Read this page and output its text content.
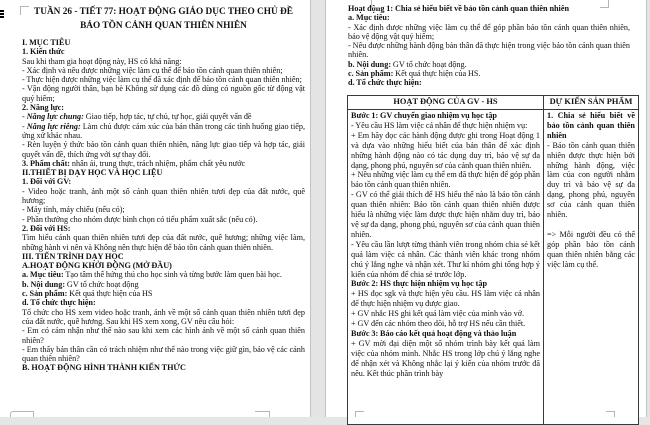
TUẦN 26 - TIẾT 77: HOẠT ĐỘNG GIÁO DỤC THEO CHỦ ĐỀ

BẢO TỒN CẢNH QUAN THIÊN NHIÊN

I. MỤC TIÊU

1. Kiến thức

Sau khi tham gia hoạt động này, HS có khả năng:

- Xác định và nêu được những việc làm cụ thể để bảo tồn cảnh quan thiên nhiên;

- Thực hiện được những việc làm cụ thể đã xác định để bảo tồn cảnh quan thiên nhiên;

- Vận động người thân, bạn bè Không sử dụng các đồ dùng có nguồn gốc từ động vật quý hiếm;

2. Năng lực:

- Năng lực chung: Giao tiếp, hợp tác, tự chủ, tự học, giải quyết vấn đề

- Năng lực riêng: Làm chủ được cảm xúc của bản thân trong các tình huống giao tiếp, ứng xử khác nhau.

- Rèn luyện ý thức bảo tồn cảnh quan thiên nhiên, năng lực giao tiếp và hợp tác, giải quyết vấn đề, thích ứng với sự thay đổi.

3. Phẩm chất: nhân ái, trung thực, trách nhiệm, phẩm chất yêu nước

II.THIẾT BỊ DẠY HỌC VÀ HỌC LIỆU

1. Đối với GV:

- Video hoặc tranh, ảnh một số cảnh quan thiên nhiên tươi đẹp của đất nước, quê hương;

- Máy tính, máy chiếu (nếu có);

- Phần thưởng cho nhóm được bình chọn có tiểu phẩm xuất sắc (nếu có).

2. Đối với HS:

Tìm hiểu cảnh quan thiên nhiên tươi đẹp của đất nước, quê hương; những việc làm, những hành vi nên và Không nên thực hiện để bảo tồn cảnh quan thiên nhiên.

III. TIẾN TRÌNH DẠY HỌC

A.HOẠT ĐỘNG KHỞI ĐỘNG (MỞ ĐẦU)

a. Mục tiêu: Tạo tâm thế hứng thú cho học sinh và từng bước làm quen bài học.

b. Nội dung: GV tổ chức hoạt động

c. Sản phẩm: Kết quả thực hiện của HS

d. Tổ chức thực hiện:

Tổ chức cho HS xem video hoặc tranh, ảnh về một số cảnh quan thiên nhiên tươi đẹp của đất nước, quê hương. Sau khi HS xem xong, GV nêu câu hỏi:

- Em có cảm nhận như thế nào sau khi xem các hình ảnh về một số cảnh quan thiên nhiên?

- Em thấy bản thân cần có trách nhiệm như thế nào trong việc giữ gìn, bảo vệ các cảnh quan thiên nhiên?

B. HOẠT ĐỘNG HÌNH THÀNH KIẾN THỨC

Hoạt động 1: Chia sẻ hiểu biết về bảo tồn cảnh quan thiên nhiên

a. Mục tiêu:

- Xác định được những việc làm cụ thể để góp phần bảo tồn cảnh quan thiên nhiên, bảo vệ động vật quý hiếm;

- Nêu được những hành động bản thân đã thực hiện trong việc bảo tồn cảnh quan thiên nhiên.

b. Nội dung: GV tổ chức hoạt động.

c. Sản phẩm: Kết quả thực hiện của HS.

d. Tổ chức thực hiện:

HOẠT ĐỘNG CỦA GV - HS	DỰ KIẾN SẢN PHẨM

Bước 1: GV chuyển giao nhiệm vụ học tập

- Yêu cầu HS làm việc cá nhân để thực hiện nhiệm vụ:

+ Em hãy đọc các hành động được ghi trong Hoạt động 1 và dựa vào những hiểu biết của bản thân để xác định những hành động nào có tác dụng duy trì, bảo vệ sự đa dạng, phong phú, nguyên sơ của cảnh quan thiên nhiên.

+ Nêu những việc làm cụ thể em đã thực hiện để góp phần bảo tồn cảnh quan thiên nhiên.

- GV có thể giải thích để HS hiểu thế nào là bảo tồn cảnh quan thiên nhiên: Bảo tồn cảnh quan thiên nhiên được hiểu là những việc làm được thực hiện nhằm duy trì, bảo vệ sự đa dạng, phong phú, nguyên sơ của cảnh quan thiên nhiên.

- Yêu cầu lần lượt từng thành viên trong nhóm chia sẻ kết quả làm việc cá nhân. Các thành viên khác trong nhóm chú ý lắng nghe và nhận xét. Thư kí nhóm ghi tổng hợp ý kiến của nhóm để chia sẻ trước lớp.

Bước 2: HS thực hiện nhiệm vụ học tập

+ HS đọc sgk và thực hiện yêu cầu. HS làm việc cá nhân để thực hiện nhiệm vụ được giao.

+ GV nhắc HS ghi kết quả làm việc của mình vào vở.

+ GV đến các nhóm theo dõi, hỗ trợ HS nếu cần thiết.

Bước 3: Báo cáo kết quả hoạt động và thảo luận

+ GV mời đại diện một số nhóm trình bày kết quả làm việc của nhóm mình. Nhắc HS trong lớp chú ý lắng nghe để nhận xét và Không nhắc lại ý kiến của nhóm trước đã nêu. Kết thúc phần trình bày

1. Chia sẻ hiểu biết về bảo tồn cảnh quan thiên nhiên

- Bảo tồn cảnh quan thiên nhiên được thực hiện bởi những hành động, việc làm của con người nhằm duy trì và bảo vệ sự đa dạng, phong phú, nguyên sơ của cảnh quan thiên nhiên.

=> Mỗi người đều có thể góp phần bảo tồn cảnh quan thiên nhiên bằng các việc làm cụ thể.
